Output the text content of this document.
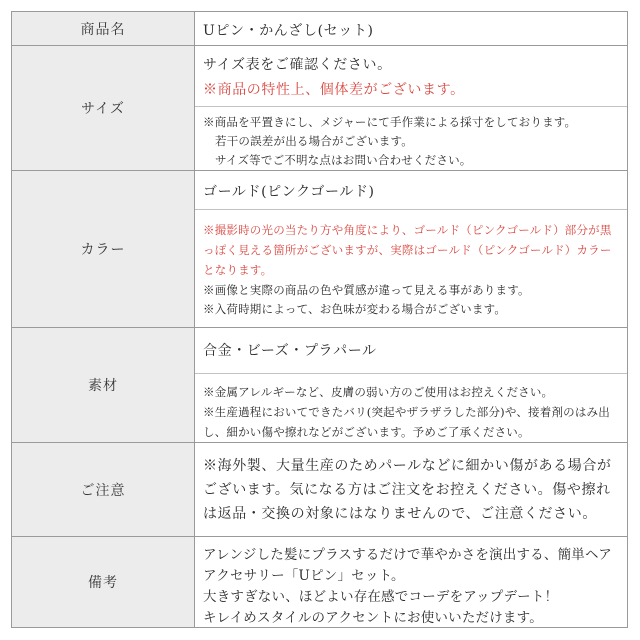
商品名	Uピン・かんざし(セット)
サイズ
サイズ表をご確認ください。
※商品の特性上、個体差がございます。
※商品を平置きにし、メジャーにて手作業による採寸をしております。
若干の誤差が出る場合がございます。
サイズ等でご不明な点はお問い合わせください。
カラー
ゴールド(ピンクゴールド)
※撮影時の光の当たり方や角度により、ゴールド（ピンクゴールド）部分が黒
っぽく見える箇所がございますが、実際はゴールド（ピンクゴールド）カラー
となります。
※画像と実際の商品の色や質感が違って見える事があります。
※入荷時期によって、お色味が変わる場合がございます。
素材
合金・ビーズ・プラパール
※金属アレルギーなど、皮膚の弱い方のご使用はお控えください。
※生産過程においてできたバリ(突起やザラザラした部分)や、接着剤のはみ出
し、細かい傷や擦れなどがございます。予めご了承ください。
ご注意
※海外製、大量生産のためパールなどに細かい傷がある場合が
ございます。気になる方はご注文をお控えください。傷や擦れ
は返品・交換の対象にはなりませんので、ご注意ください。
備考
アレンジした髪にプラスするだけで華やかさを演出する、簡単ヘア
アクセサリー「Uピン」セット。
大きすぎない、ほどよい存在感でコーデをアップデート！
キレイめスタイルのアクセントにお使いいただけます。
